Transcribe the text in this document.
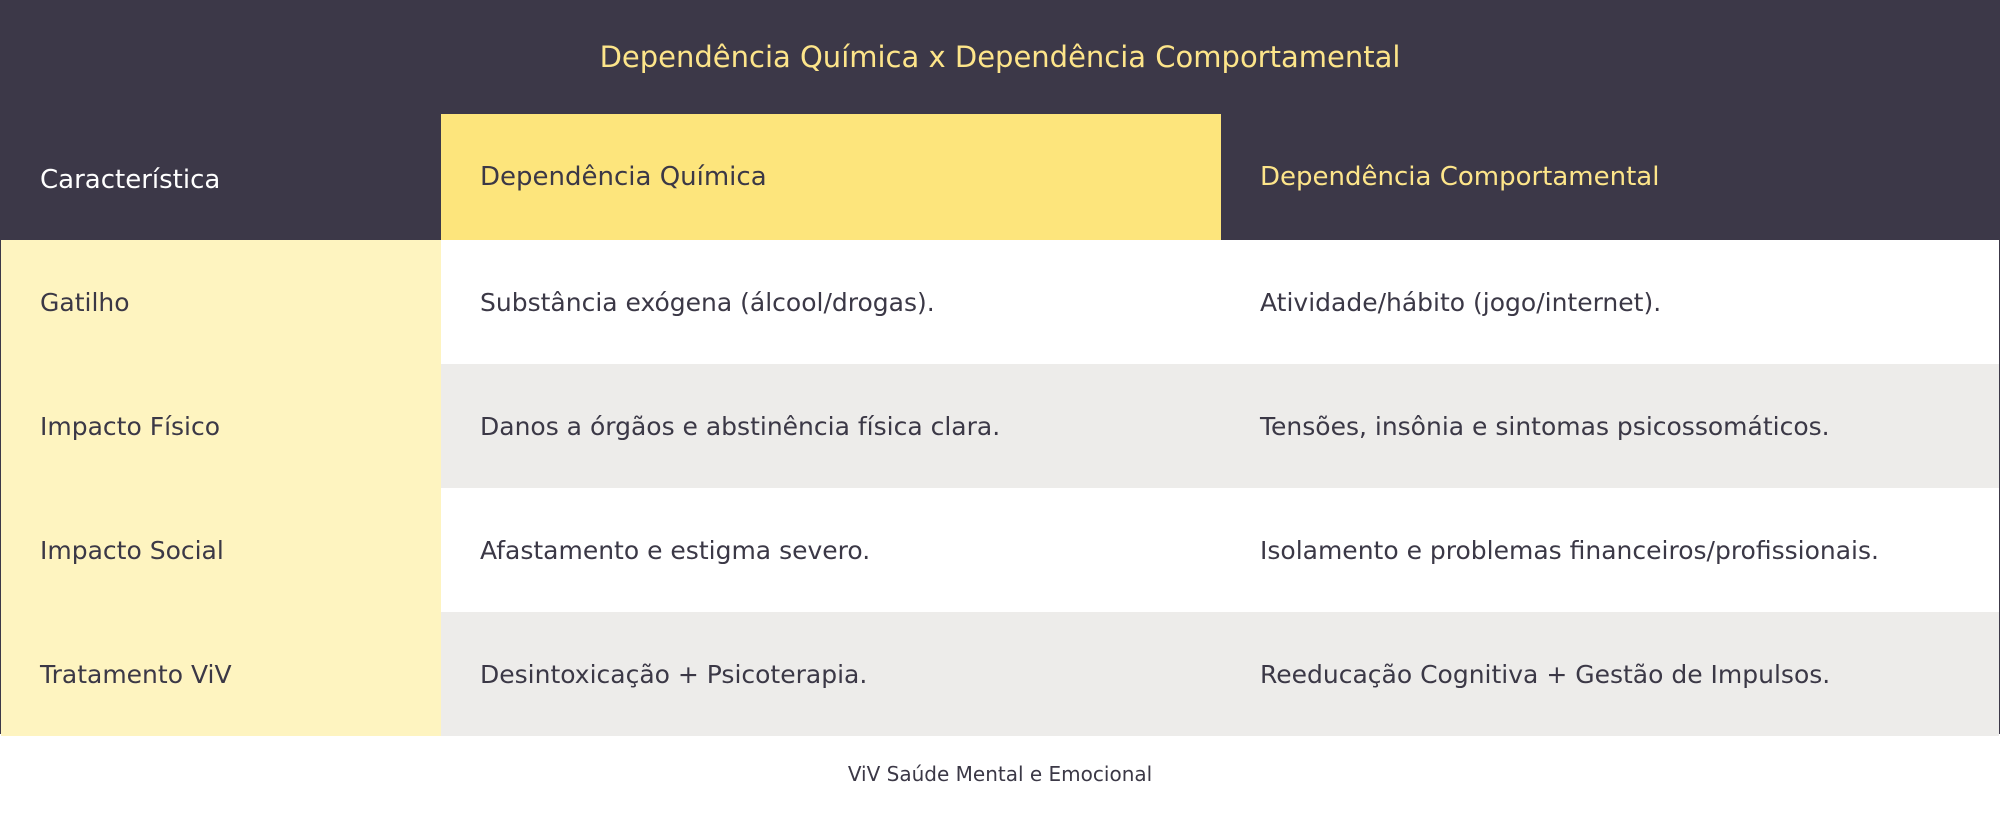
Dependência Química x Dependência Comportamental
Característica	Dependência Química	Dependência Comportamental
Gatilho	Substância exógena (álcool/drogas).	Atividade/hábito (jogo/internet).
Impacto Físico	Danos a órgãos e abstinência física clara.	Tensões, insônia e sintomas psicossomáticos.
Impacto Social	Afastamento e estigma severo.	Isolamento e problemas financeiros/profissionais.
Tratamento ViV	Desintoxicação + Psicoterapia.	Reeducação Cognitiva + Gestão de Impulsos.
ViV Saúde Mental e Emocional
